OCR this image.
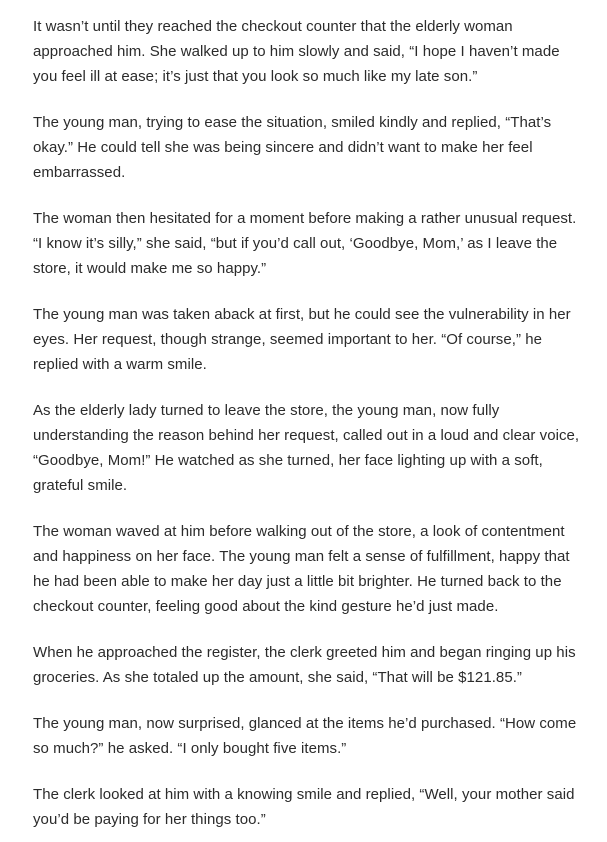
It wasn’t until they reached the checkout counter that the elderly woman approached him. She walked up to him slowly and said, “I hope I haven’t made you feel ill at ease; it’s just that you look so much like my late son.”

The young man, trying to ease the situation, smiled kindly and replied, “That’s okay.” He could tell she was being sincere and didn’t want to make her feel embarrassed.

The woman then hesitated for a moment before making a rather unusual request. “I know it’s silly,” she said, “but if you’d call out, ‘Goodbye, Mom,’ as I leave the store, it would make me so happy.”

The young man was taken aback at first, but he could see the vulnerability in her eyes. Her request, though strange, seemed important to her. “Of course,” he replied with a warm smile.

As the elderly lady turned to leave the store, the young man, now fully understanding the reason behind her request, called out in a loud and clear voice, “Goodbye, Mom!” He watched as she turned, her face lighting up with a soft, grateful smile.

The woman waved at him before walking out of the store, a look of contentment and happiness on her face. The young man felt a sense of fulfillment, happy that he had been able to make her day just a little bit brighter. He turned back to the checkout counter, feeling good about the kind gesture he’d just made.

When he approached the register, the clerk greeted him and began ringing up his groceries. As she totaled up the amount, she said, “That will be $121.85.”

The young man, now surprised, glanced at the items he’d purchased. “How come so much?” he asked. “I only bought five items.”

The clerk looked at him with a knowing smile and replied, “Well, your mother said you’d be paying for her things too.”
